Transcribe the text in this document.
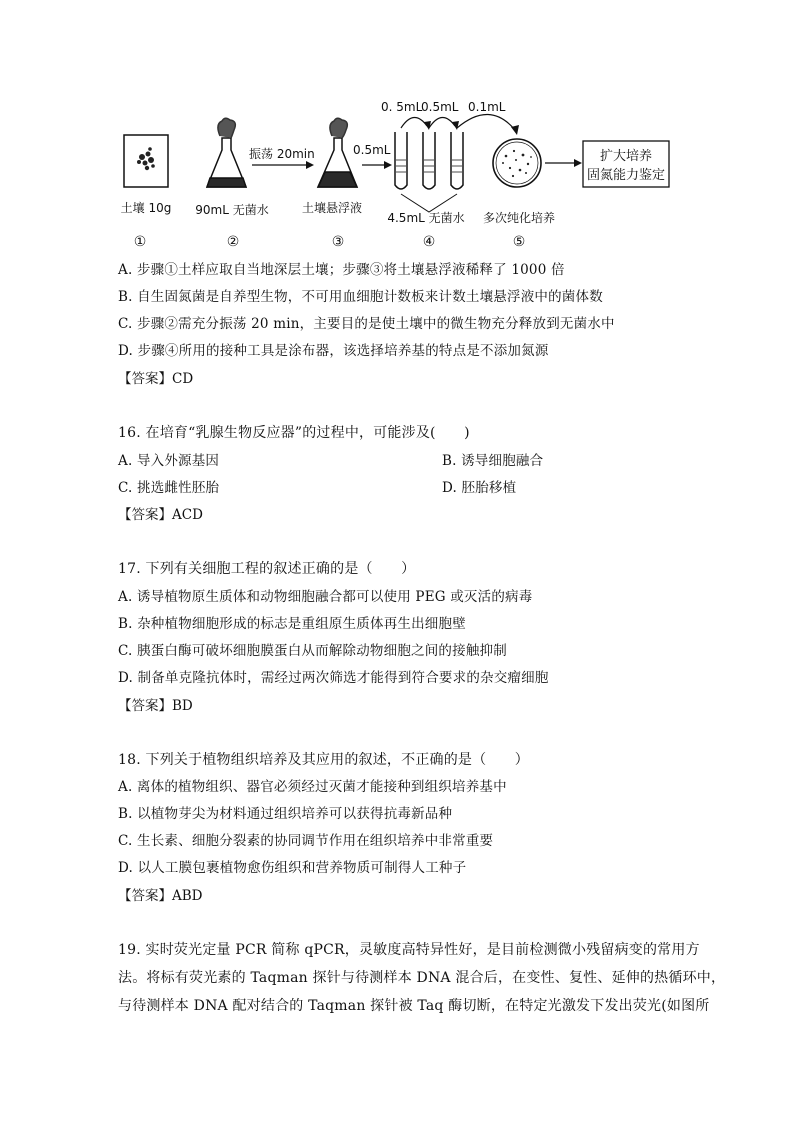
0. 5mL
0.5mL 0.1mL
振荡 20min	0.5mL	扩大培养
固氮能力鉴定
土壤 10g 90mL 无菌水	土壤悬浮液
4.5mL 无菌水 多次纯化培养
①	②	③	④	⑤
A. 步骤①土样应取自当地深层土壤；步骤③将土壤悬浮液稀释了 1000 倍
B. 自生固氮菌是自养型生物，不可用血细胞计数板来计数土壤悬浮液中的菌体数
C. 步骤②需充分振荡 20 min，主要目的是使土壤中的微生物充分释放到无菌水中
D. 步骤④所用的接种工具是涂布器，该选择培养基的特点是不添加氮源
【答案】CD
16. 在培育“乳腺生物反应器”的过程中，可能涉及(　　)
A. 导入外源基因	B. 诱导细胞融合
C. 挑选雌性胚胎	D. 胚胎移植
【答案】ACD
17. 下列有关细胞工程的叙述正确的是（　　）
A. 诱导植物原生质体和动物细胞融合都可以使用 PEG 或灭活的病毒
B. 杂种植物细胞形成的标志是重组原生质体再生出细胞壁
C. 胰蛋白酶可破坏细胞膜蛋白从而解除动物细胞之间的接触抑制
D. 制备单克隆抗体时，需经过两次筛选才能得到符合要求的杂交瘤细胞
【答案】BD
18. 下列关于植物组织培养及其应用的叙述，不正确的是（　　）
A. 离体的植物组织、器官必须经过灭菌才能接种到组织培养基中
B. 以植物芽尖为材料通过组织培养可以获得抗毒新品种
C. 生长素、细胞分裂素的协同调节作用在组织培养中非常重要
D. 以人工膜包裹植物愈伤组织和营养物质可制得人工种子
【答案】ABD
19. 实时荧光定量 PCR 简称 qPCR，灵敏度高特异性好，是目前检测微小残留病变的常用方
法。将标有荧光素的 Taqman 探针与待测样本 DNA 混合后，在变性、复性、延伸的热循环中，
与待测样本 DNA 配对结合的 Taqman 探针被 Taq 酶切断，在特定光激发下发出荧光(如图所
